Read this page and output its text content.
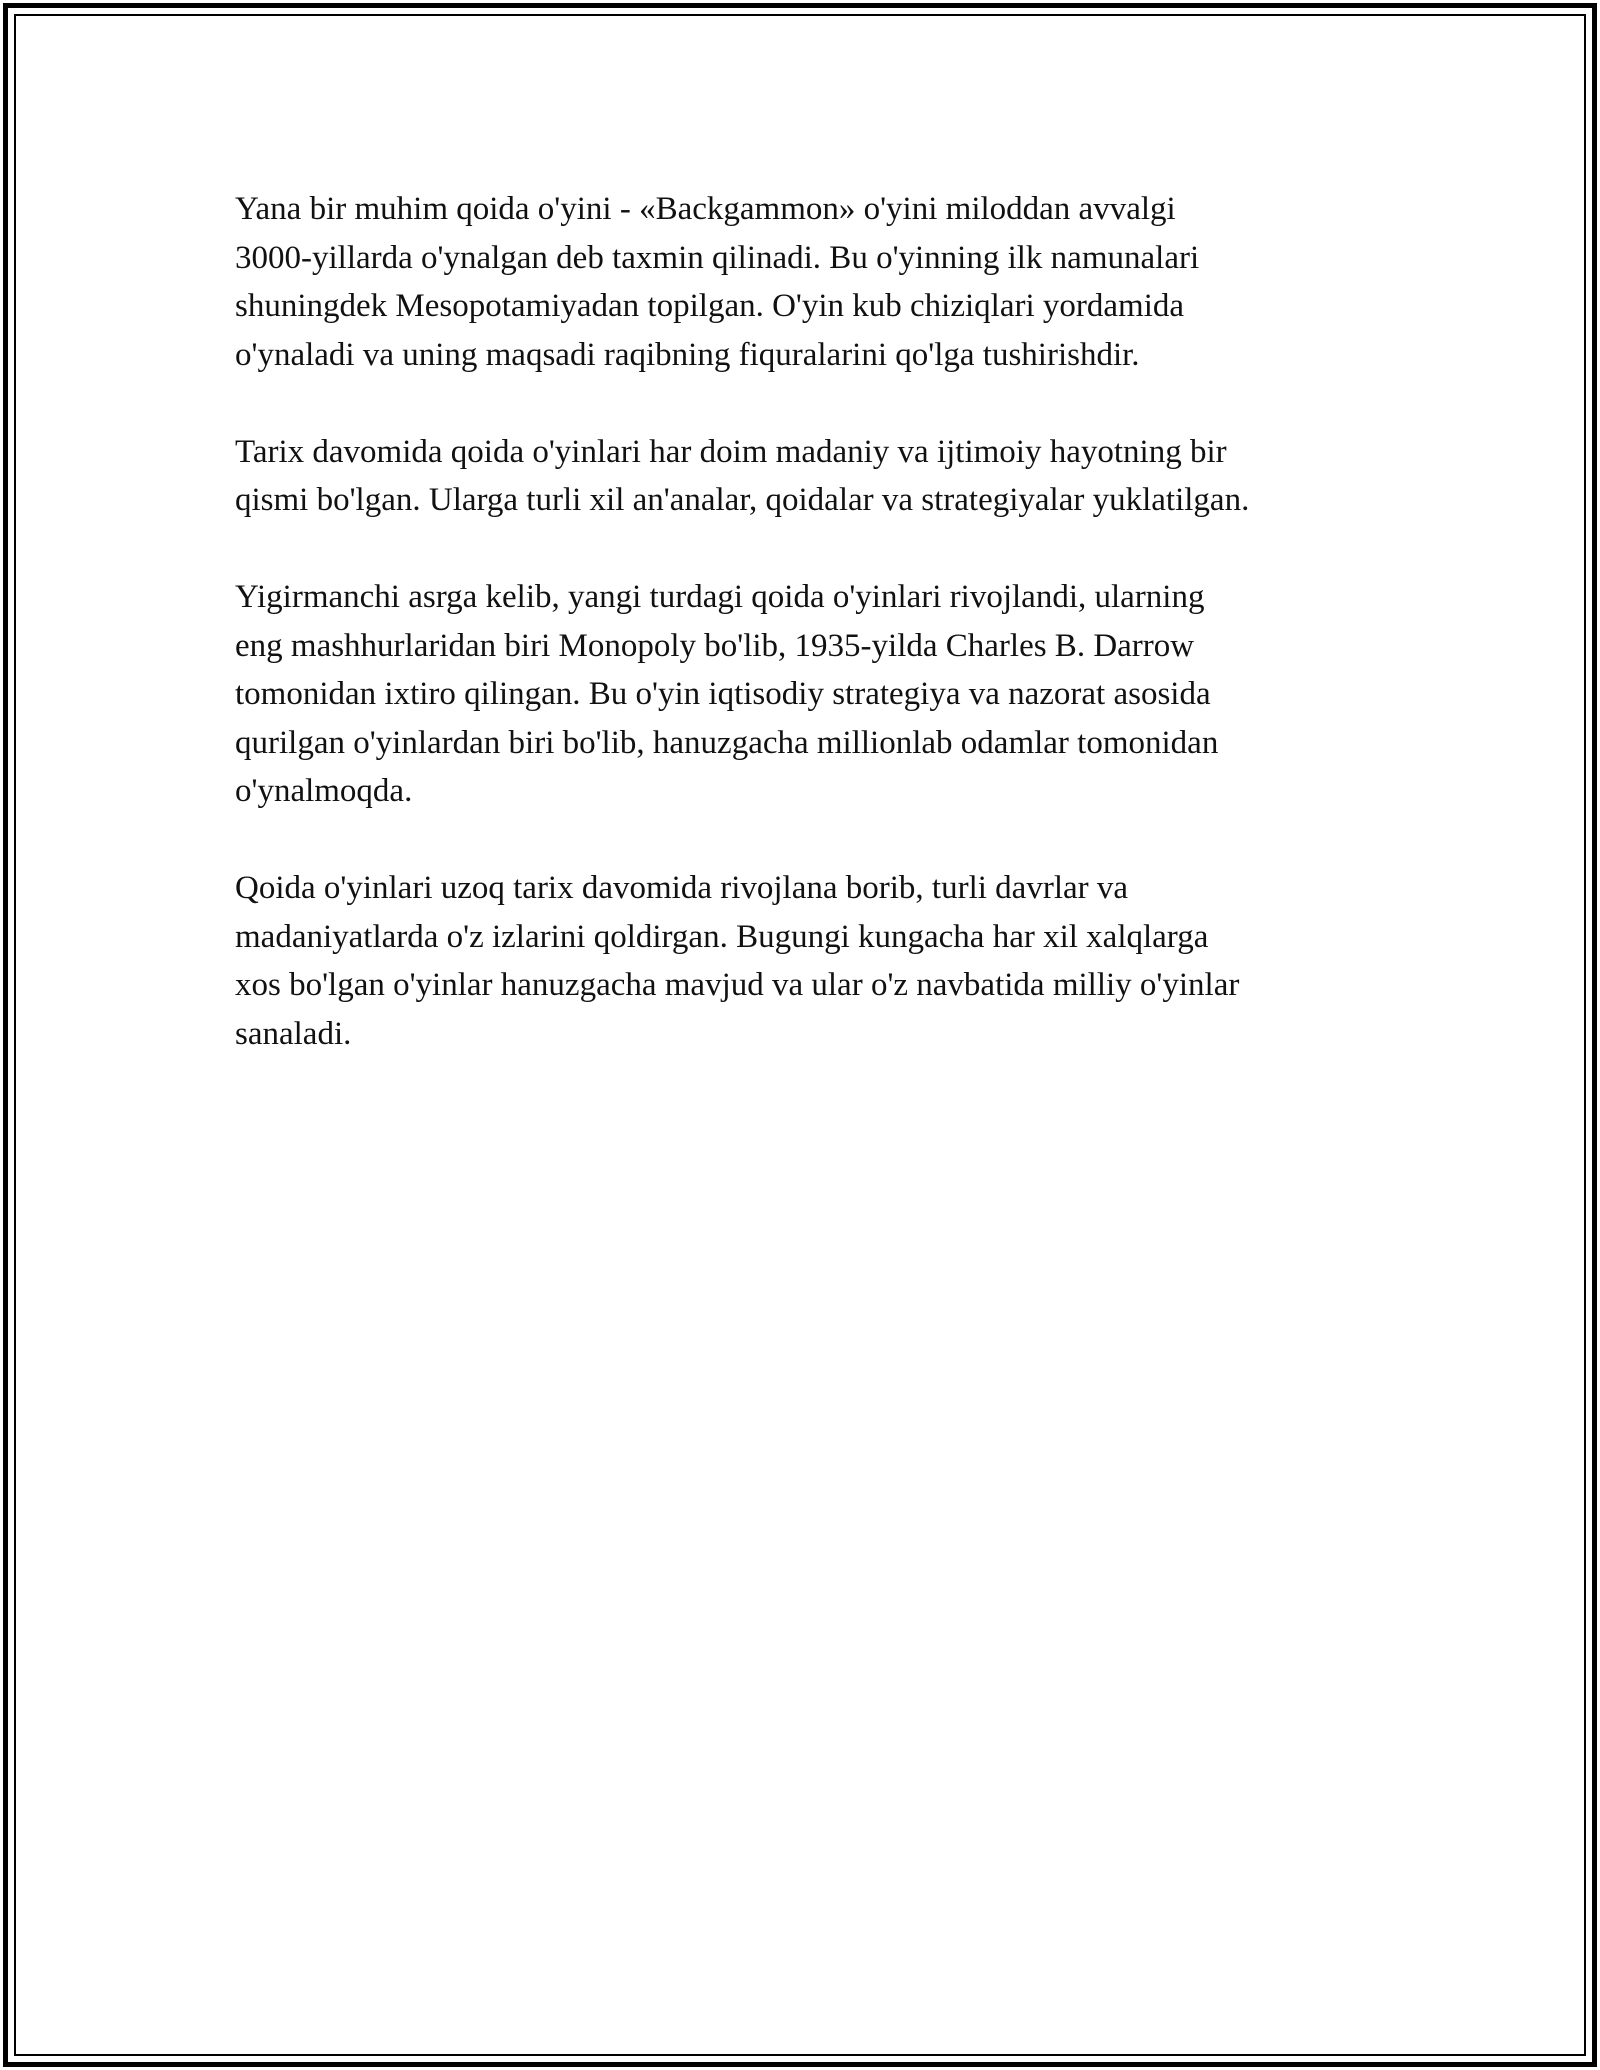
Yana bir muhim qoida o'yini - «Backgammon» o'yini miloddan avvalgi
3000-yillarda o'ynalgan deb taxmin qilinadi. Bu o'yinning ilk namunalari
shuningdek Mesopotamiyadan topilgan. O'yin kub chiziqlari yordamida
o'ynaladi va uning maqsadi raqibning fiquralarini qo'lga tushirishdir.

Tarix davomida qoida o'yinlari har doim madaniy va ijtimoiy hayotning bir
qismi bo'lgan. Ularga turli xil an'analar, qoidalar va strategiyalar yuklatilgan.

Yigirmanchi asrga kelib, yangi turdagi qoida o'yinlari rivojlandi, ularning
eng mashhurlaridan biri Monopoly bo'lib, 1935-yilda Charles B. Darrow
tomonidan ixtiro qilingan. Bu o'yin iqtisodiy strategiya va nazorat asosida
qurilgan o'yinlardan biri bo'lib, hanuzgacha millionlab odamlar tomonidan
o'ynalmoqda.

Qoida o'yinlari uzoq tarix davomida rivojlana borib, turli davrlar va
madaniyatlarda o'z izlarini qoldirgan. Bugungi kungacha har xil xalqlarga
xos bo'lgan o'yinlar hanuzgacha mavjud va ular o'z navbatida milliy o'yinlar
sanaladi.
